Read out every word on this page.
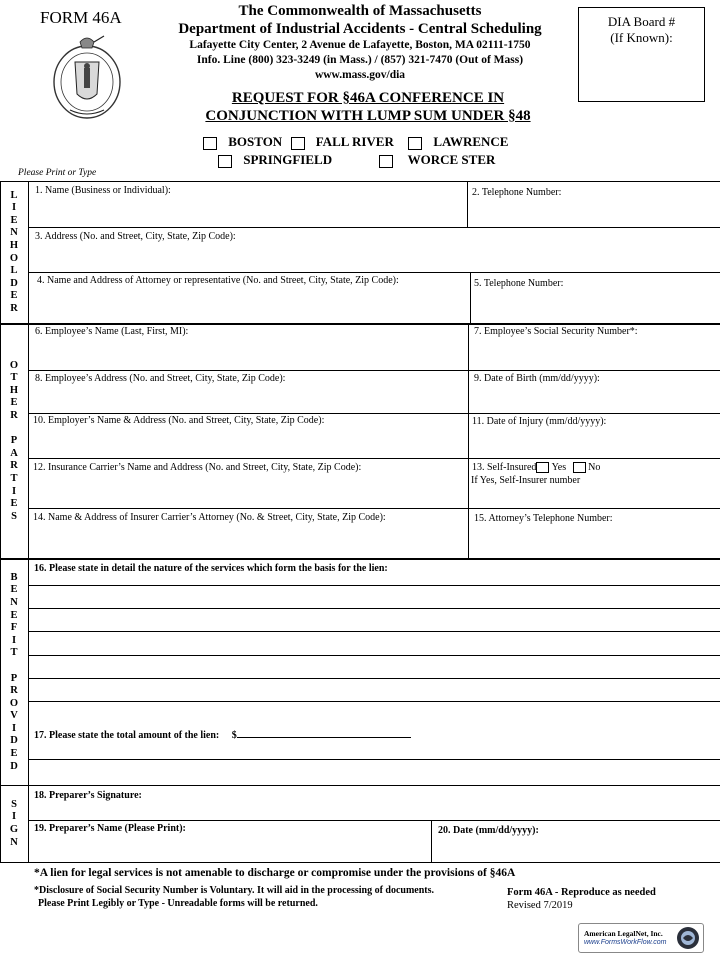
FORM 46A	The Commonwealth of Massachusetts
Department of Industrial Accidents - Central Scheduling
Lafayette City Center, 2 Avenue de Lafayette, Boston, MA 02111-1750
Info. Line (800) 323-3249 (in Mass.) / (857) 321-7470 (Out of Mass)
www.mass.gov/dia
DIA Board #
(If Known):
REQUEST FOR §46A CONFERENCE IN
CONJUNCTION WITH LUMP SUM UNDER §48
BOSTON	FALL RIVER	LAWRENCE
SPRINGFIELD	WORCE STER
Please Print or Type
L
I
E
N
H
O
L
D
E
R
O
T
H
E
R
P
A
R
T
I
E
S
B
E
N
E
F
I
T
P
R
O
V
I
D
E
D
S
I
G
N
1. Name (Business or Individual):	2. Telephone Number:
3. Address (No. and Street, City, State, Zip Code):
4. Name and Address of Attorney or representative (No. and Street, City, State, Zip Code):	5. Telephone Number:
6. Employee’s Name (Last, First, MI):	7. Employee’s Social Security Number*:
8. Employee’s Address (No. and Street, City, State, Zip Code):	9. Date of Birth (mm/dd/yyyy):
10. Employer’s Name & Address (No. and Street, City, State, Zip Code):	11. Date of Injury (mm/dd/yyyy):
12. Insurance Carrier’s Name and Address (No. and Street, City, State, Zip Code):	13. Self-Insured Yes No
If Yes, Self-Insurer number
14. Name & Address of Insurer Carrier’s Attorney (No. & Street, City, State, Zip Code):	15. Attorney’s Telephone Number:
16. Please state in detail the nature of the services which form the basis for the lien:
17. Please state the total amount of the lien: $
18. Preparer’s Signature:
19. Preparer’s Name (Please Print):	20. Date (mm/dd/yyyy):
*A lien for legal services is not amenable to discharge or compromise under the provisions of §46A
*Disclosure of Social Security Number is Voluntary. It will aid in the processing of documents.
Please Print Legibly or Type - Unreadable forms will be returned.
Form 46A - Reproduce as needed
Revised 7/2019
American LegalNet, Inc.
www.FormsWorkFlow.com
